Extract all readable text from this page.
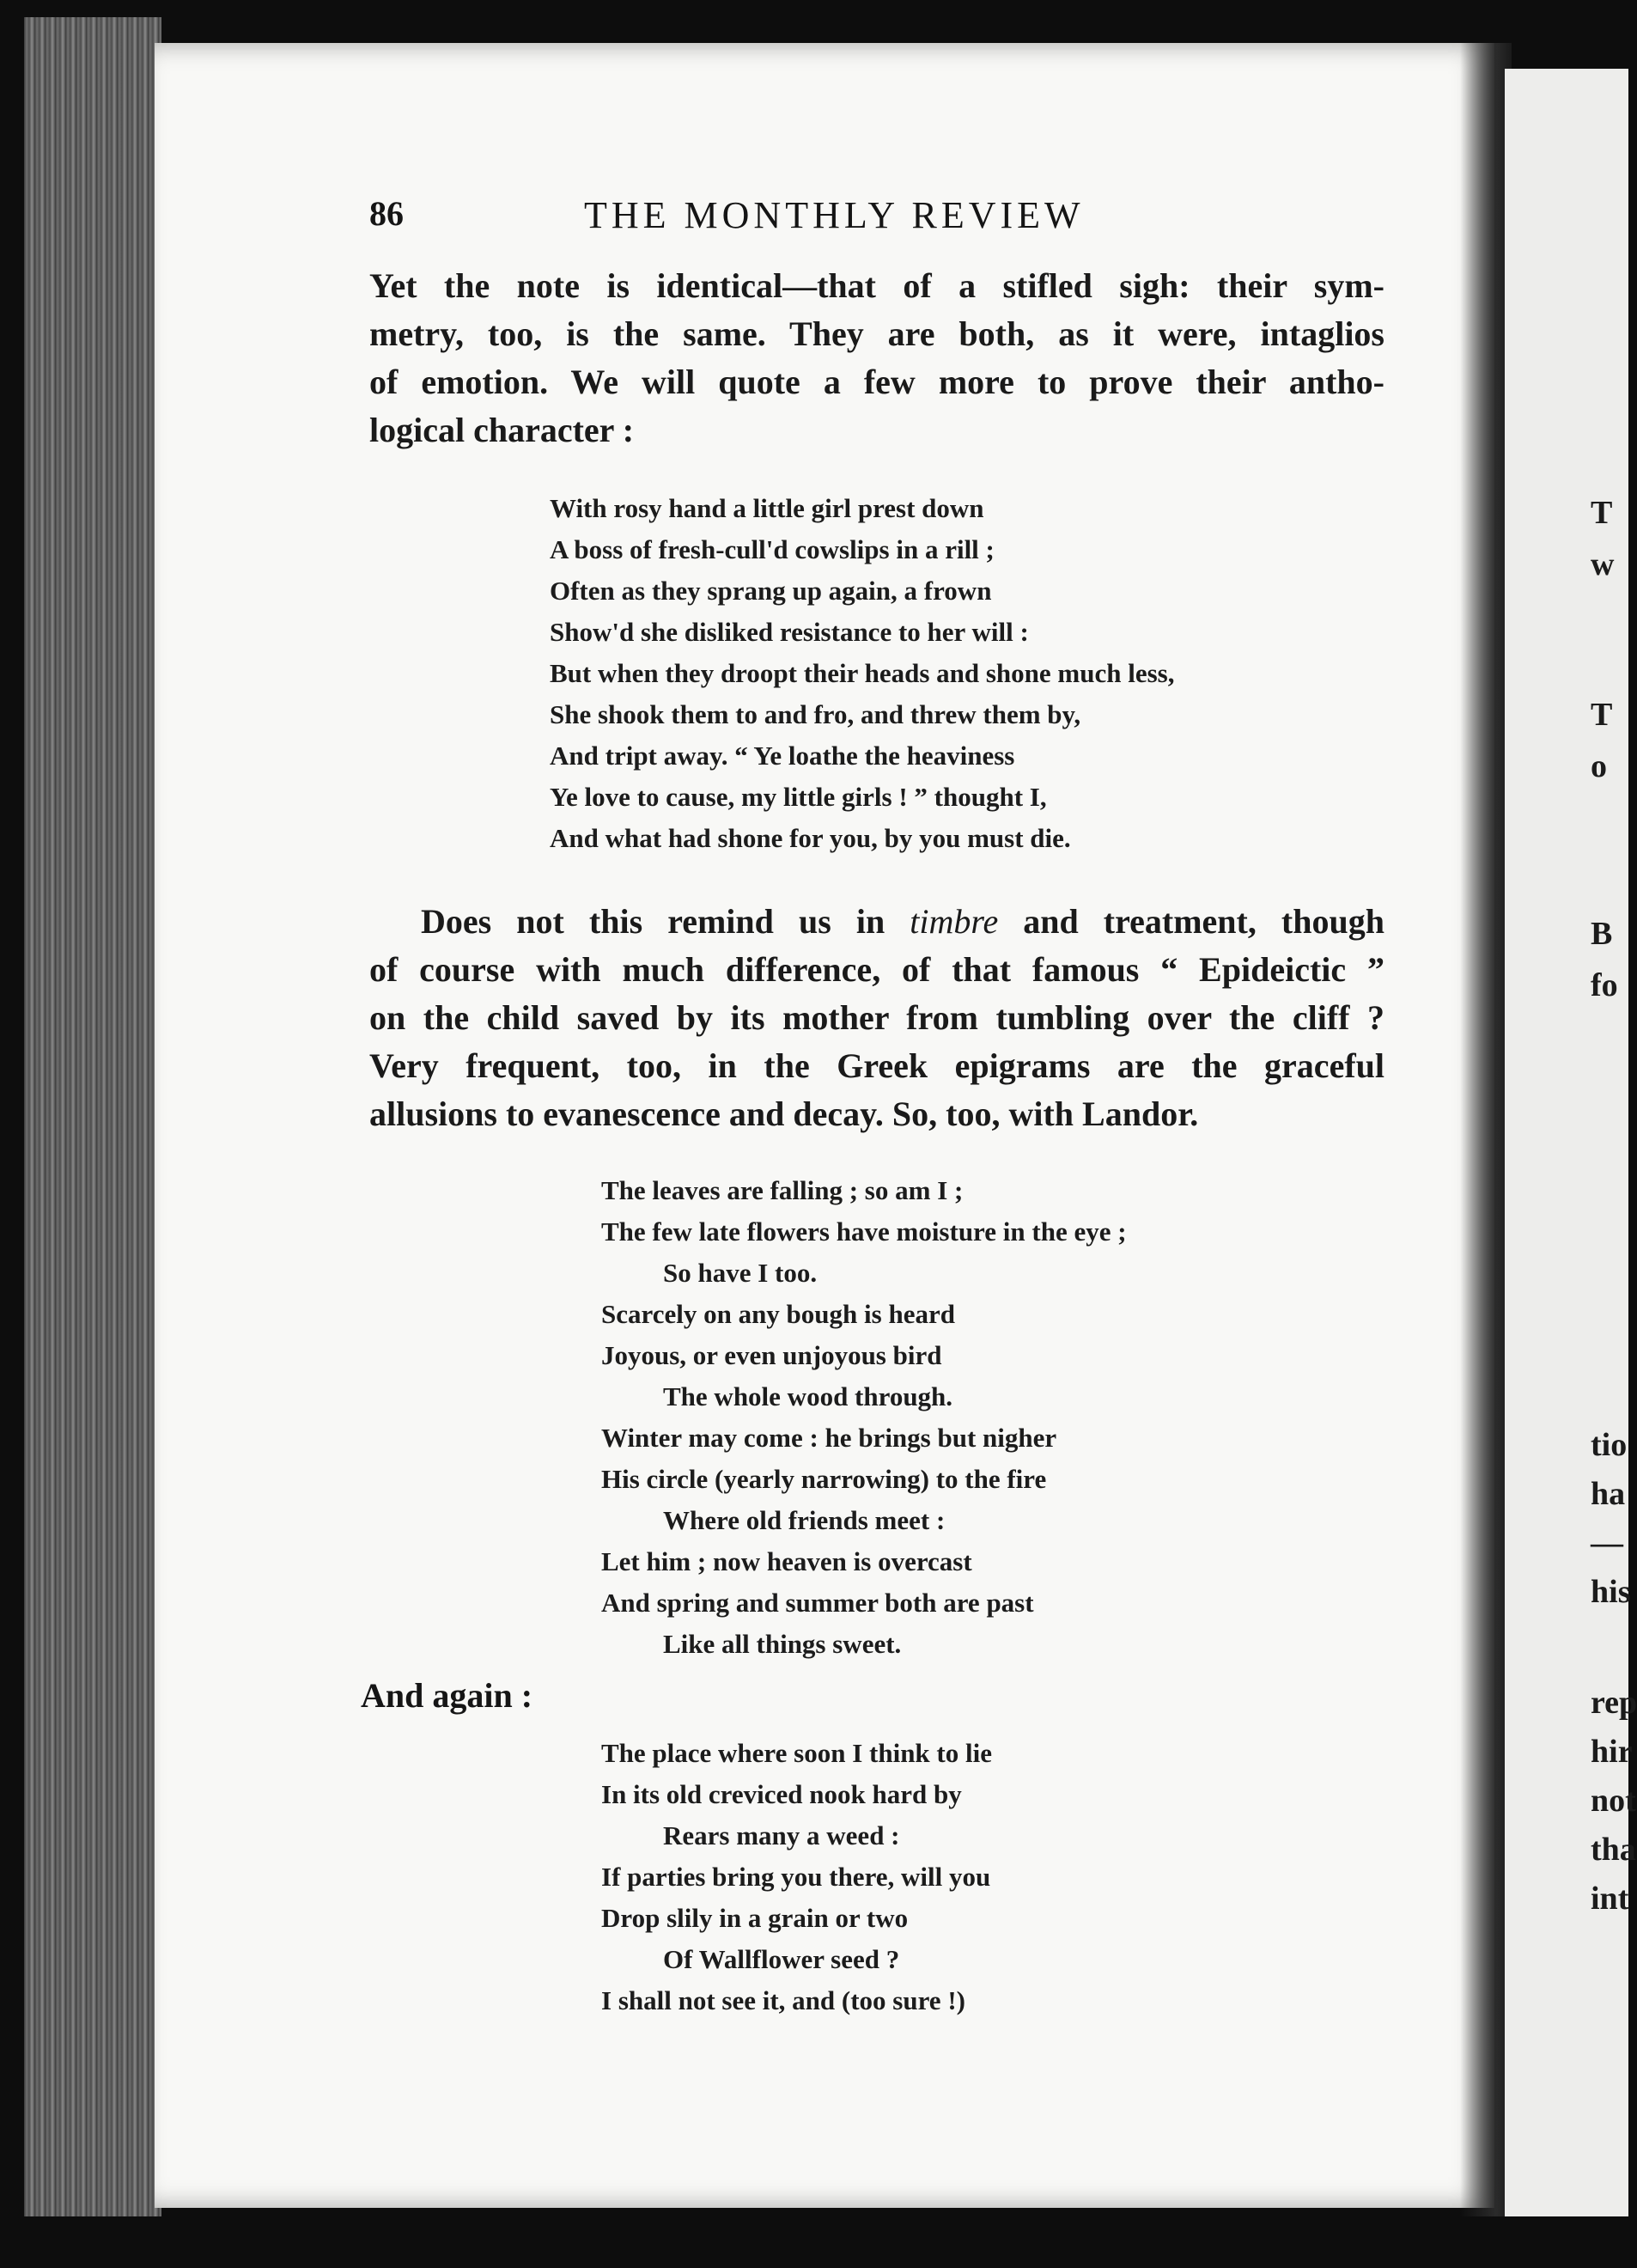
T
w
T
o
B
fo
tio
ha
—
his
rep
hir
not
tha
int
86	THE MONTHLY REVIEW
Yet the note is identical—that of a stifled sigh: their sym-
metry, too, is the same. They are both, as it were, intaglios
of emotion. We will quote a few more to prove their antho-
logical character :
With rosy hand a little girl prest down
A boss of fresh-cull'd cowslips in a rill ;
Often as they sprang up again, a frown
Show'd she disliked resistance to her will :
But when they droopt their heads and shone much less,
She shook them to and fro, and threw them by,
And tript away. “ Ye loathe the heaviness
Ye love to cause, my little girls ! ” thought I,
And what had shone for you, by you must die.
Does not this remind us in timbre and treatment, though
of course with much difference, of that famous “ Epideictic ”
on the child saved by its mother from tumbling over the cliff ?
Very frequent, too, in the Greek epigrams are the graceful
allusions to evanescence and decay. So, too, with Landor.
The leaves are falling ; so am I ;
The few late flowers have moisture in the eye ;
So have I too.
Scarcely on any bough is heard
Joyous, or even unjoyous bird
The whole wood through.
Winter may come : he brings but nigher
His circle (yearly narrowing) to the fire
Where old friends meet :
Let him ; now heaven is overcast
And spring and summer both are past
Like all things sweet.
And again :
The place where soon I think to lie
In its old creviced nook hard by
Rears many a weed :
If parties bring you there, will you
Drop slily in a grain or two
Of Wallflower seed ?
I shall not see it, and (too sure !)
